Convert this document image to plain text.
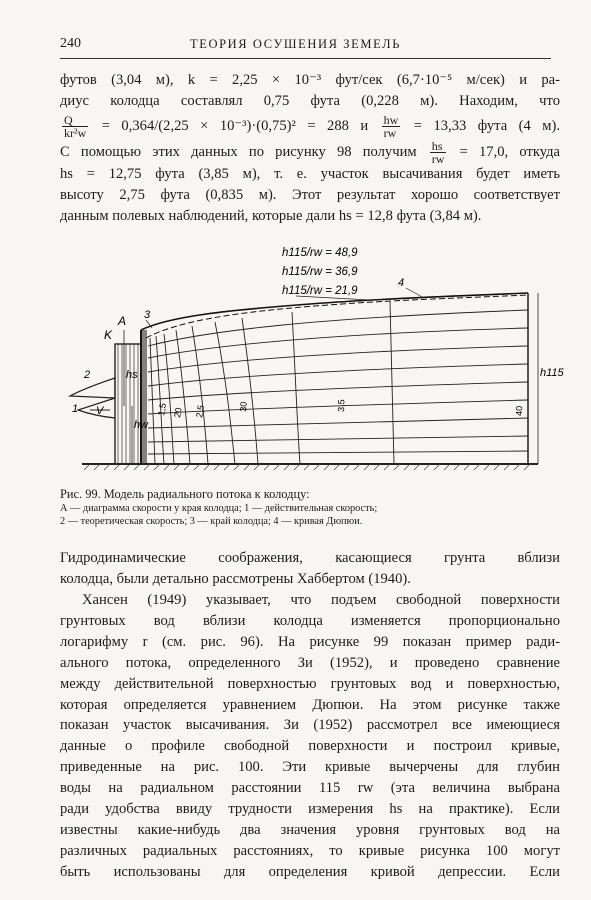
240	ТЕОРИЯ ОСУШЕНИЯ ЗЕМЕЛЬ
футов (3,04 м), k = 2,25 × 10⁻³ фут/сек (6,7·10⁻⁵ м/сек) и ра-
диус колодца составлял 0,75 фута (0,228 м). Находим, что
$\frac{Q}{\text{kr²w}} = 0,364/(2,25 \times 10^{-3})\cdot(0,75)^2 = 288$ и $\frac{hw}{rw} = 13,33$ фута (4 м).
С помощью этих данных по рисунку 98 получим $\frac{hs}{rw} = 17,0$, откуда
hs = 12,75 фута (3,85 м), т. е. участок высачивания будет иметь
высоту 2,75 фута (0,835 м). Этот результат хорошо соответствует
данным полевых наблюдений, которые дали hs = 12,8 фута (3,84 м).
h115/rw = 48,9
h115/rw = 36,9
h115/rw = 21,9
A
K
V
1
2
3
4
hs
hw
h115
1,5 20 2,5	30	3,5	40
Рис. 99. Модель радиального потока к колодцу:
А — диаграмма скорости у края колодца; 1 — действительная скорость;
2 — теоретическая скорость; 3 — край колодца; 4 — кривая Дюпюи.
Гидродинамические соображения, касающиеся грунта вблизи
колодца, были детально рассмотрены Хаббертом (1940).
Хансен (1949) указывает, что подъем свободной поверхности
грунтовых вод вблизи колодца изменяется пропорционально
логарифму r (см. рис. 96). На рисунке 99 показан пример ради-
ального потока, определенного Зи (1952), и проведено сравнение
между действительной поверхностью грунтовых вод и поверхностью,
которая определяется уравнением Дюпюи. На этом рисунке также
показан участок высачивания. Зи (1952) рассмотрел все имеющиеся
данные о профиле свободной поверхности и построил кривые,
приведенные на рис. 100. Эти кривые вычерчены для глубин
воды на радиальном расстоянии 115 rw (эта величина выбрана
ради удобства ввиду трудности измерения hs на практике). Если
известны какие-нибудь два значения уровня грунтовых вод на
различных радиальных расстояниях, то кривые рисунка 100 могут
быть использованы для определения кривой депрессии. Если
